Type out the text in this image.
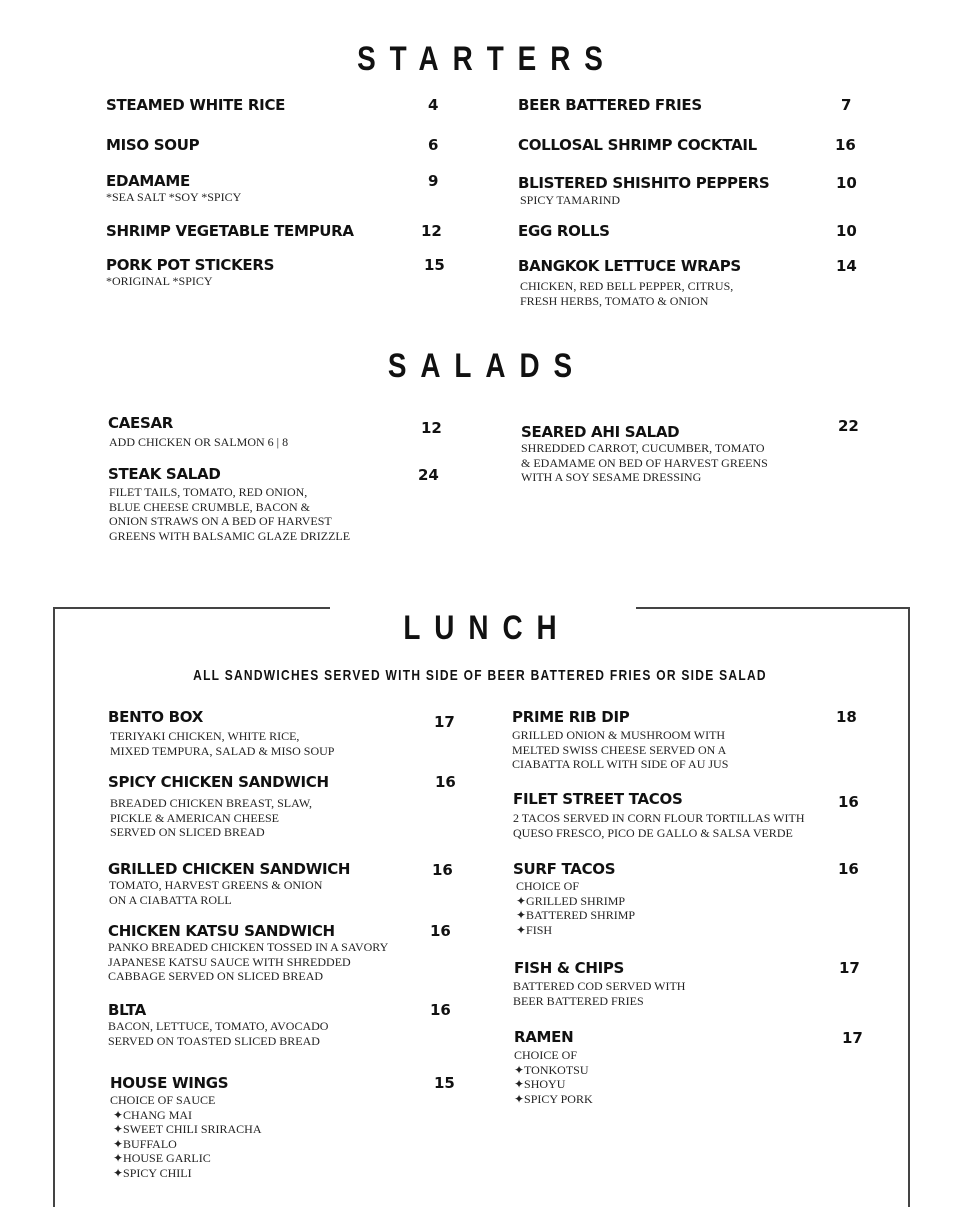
STARTERS
SALADS
LUNCH
ALL SANDWICHES SERVED WITH SIDE OF BEER BATTERED FRIES OR SIDE SALAD
STEAMED WHITE RICE	4
MISO SOUP	6
EDAMAME	9
*SEA SALT *SOY *SPICY
SHRIMP VEGETABLE TEMPURA	12
PORK POT STICKERS	15
*ORIGINAL *SPICY
BEER BATTERED FRIES	7
COLLOSAL SHRIMP COCKTAIL	16
BLISTERED SHISHITO PEPPERS	10
SPICY TAMARIND
EGG ROLLS	10
BANGKOK LETTUCE WRAPS	14
CHICKEN, RED BELL PEPPER, CITRUS,
FRESH HERBS, TOMATO & ONION
CAESAR	12
ADD CHICKEN OR SALMON 6 | 8
STEAK SALAD	24
FILET TAILS, TOMATO, RED ONION,
BLUE CHEESE CRUMBLE, BACON &
ONION STRAWS ON A BED OF HARVEST
GREENS WITH BALSAMIC GLAZE DRIZZLE
SEARED AHI SALAD	22
SHREDDED CARROT, CUCUMBER, TOMATO
& EDAMAME ON BED OF HARVEST GREENS
WITH A SOY SESAME DRESSING
BENTO BOX	17
TERIYAKI CHICKEN, WHITE RICE,
MIXED TEMPURA, SALAD & MISO SOUP
SPICY CHICKEN SANDWICH	16
BREADED CHICKEN BREAST, SLAW,
PICKLE & AMERICAN CHEESE
SERVED ON SLICED BREAD
GRILLED CHICKEN SANDWICH	16
TOMATO, HARVEST GREENS & ONION
ON A CIABATTA ROLL
CHICKEN KATSU SANDWICH	16
PANKO BREADED CHICKEN TOSSED IN A SAVORY
JAPANESE KATSU SAUCE WITH SHREDDED
CABBAGE SERVED ON SLICED BREAD
BLTA	16
BACON, LETTUCE, TOMATO, AVOCADO
SERVED ON TOASTED SLICED BREAD
HOUSE WINGS	15
CHOICE OF SAUCE
✦CHANG MAI
✦SWEET CHILI SRIRACHA
✦BUFFALO
✦HOUSE GARLIC
✦SPICY CHILI
PRIME RIB DIP	18
GRILLED ONION & MUSHROOM WITH
MELTED SWISS CHEESE SERVED ON A
CIABATTA ROLL WITH SIDE OF AU JUS
FILET STREET TACOS	16
2 TACOS SERVED IN CORN FLOUR TORTILLAS WITH
QUESO FRESCO, PICO DE GALLO & SALSA VERDE
SURF TACOS	16
CHOICE OF
✦GRILLED SHRIMP
✦BATTERED SHRIMP
✦FISH
FISH & CHIPS	17
BATTERED COD SERVED WITH
BEER BATTERED FRIES
RAMEN	17
CHOICE OF
✦TONKOTSU
✦SHOYU
✦SPICY PORK
